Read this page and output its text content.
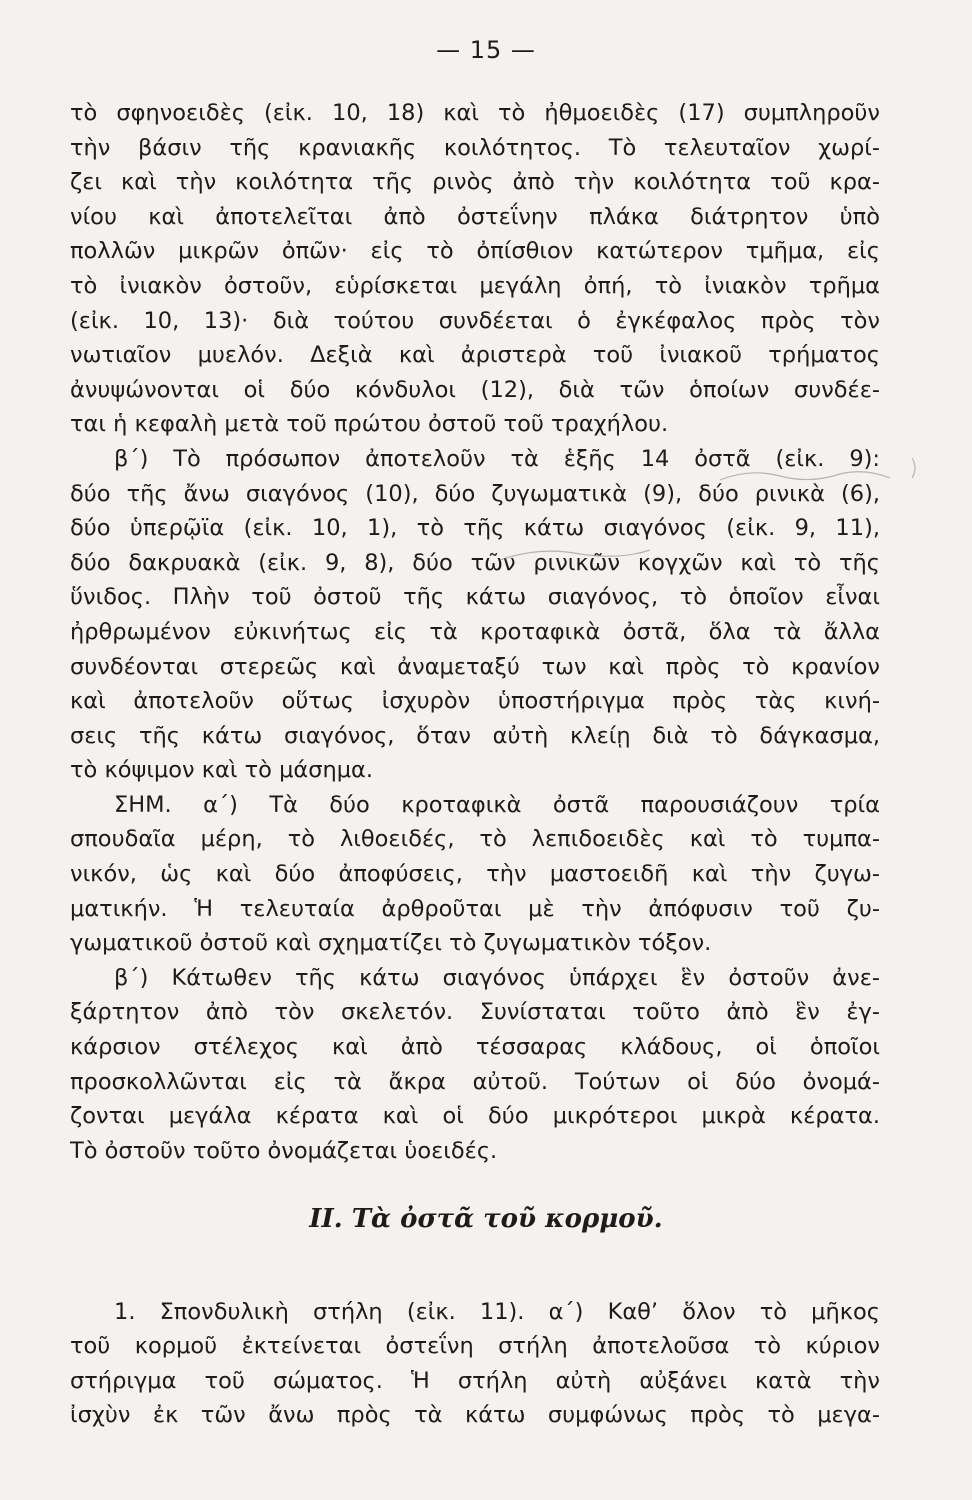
— 15 —

τὸ σφηνοειδὲς (εἰκ. 10, 18) καὶ τὸ ἠθμοειδὲς (17) συμπληροῦν
τὴν βάσιν τῆς κρανιακῆς κοιλότητος. Τὸ τελευταῖον χωρί-
ζει καὶ τὴν κοιλότητα τῆς ρινὸς ἀπὸ τὴν κοιλότητα τοῦ κρα-
νίου καὶ ἀποτελεῖται ἀπὸ ὀστεΐνην πλάκα διάτρητον ὑπὸ
πολλῶν μικρῶν ὀπῶν· εἰς τὸ ὀπίσθιον κατώτερον τμῆμα, εἰς
τὸ ἰνιακὸν ὀστοῦν, εὑρίσκεται μεγάλη ὀπή, τὸ ἰνιακὸν τρῆμα
(εἰκ. 10, 13)· διὰ τούτου συνδέεται ὁ ἐγκέφαλος πρὸς τὸν
νωτιαῖον μυελόν. Δεξιὰ καὶ ἀριστερὰ τοῦ ἰνιακοῦ τρήματος
ἀνυψώνονται οἱ δύο κόνδυλοι (12), διὰ τῶν ὁποίων συνδέε-
ται ἡ κεφαλὴ μετὰ τοῦ πρώτου ὀστοῦ τοῦ τραχήλου.

β΄) Τὸ πρόσωπον ἀποτελοῦν τὰ ἑξῆς 14 ὀστᾶ (εἰκ. 9):
δύο τῆς ἄνω σιαγόνος (10), δύο ζυγωματικὰ (9), δύο ρινικὰ (6),
δύο ὑπερῷϊα (εἰκ. 10, 1), τὸ τῆς κάτω σιαγόνος (εἰκ. 9, 11),
δύο δακρυακὰ (εἰκ. 9, 8), δύο τῶν ρινικῶν κογχῶν καὶ τὸ τῆς
ὕνιδος. Πλὴν τοῦ ὀστοῦ τῆς κάτω σιαγόνος, τὸ ὁποῖον εἶναι
ἠρθρωμένον εὐκινήτως εἰς τὰ κροταφικὰ ὀστᾶ, ὅλα τὰ ἄλλα
συνδέονται στερεῶς καὶ ἀναμεταξύ των καὶ πρὸς τὸ κρανίον
καὶ ἀποτελοῦν οὕτως ἰσχυρὸν ὑποστήριγμα πρὸς τὰς κινή-
σεις τῆς κάτω σιαγόνος, ὅταν αὐτὴ κλείῃ διὰ τὸ δάγκασμα,
τὸ κόψιμον καὶ τὸ μάσημα.

ΣΗΜ. α΄) Τὰ δύο κροταφικὰ ὀστᾶ παρουσιάζουν τρία
σπουδαῖα μέρη, τὸ λιθοειδές, τὸ λεπιδοειδὲς καὶ τὸ τυμπα-
νικόν, ὡς καὶ δύο ἀποφύσεις, τὴν μαστοειδῆ καὶ τὴν ζυγω-
ματικήν. Ἡ τελευταία ἀρθροῦται μὲ τὴν ἀπόφυσιν τοῦ ζυ-
γωματικοῦ ὀστοῦ καὶ σχηματίζει τὸ ζυγωματικὸν τόξον.

β΄) Κάτωθεν τῆς κάτω σιαγόνος ὑπάρχει ἓν ὀστοῦν ἀνε-
ξάρτητον ἀπὸ τὸν σκελετόν. Συνίσταται τοῦτο ἀπὸ ἓν ἐγ-
κάρσιον στέλεχος καὶ ἀπὸ τέσσαρας κλάδους, οἱ ὁποῖοι
προσκολλῶνται εἰς τὰ ἄκρα αὐτοῦ. Τούτων οἱ δύο ὀνομά-
ζονται μεγάλα κέρατα καὶ οἱ δύο μικρότεροι μικρὰ κέρατα.
Τὸ ὀστοῦν τοῦτο ὀνομάζεται ὑοειδές.

ΙΙ. Τὰ ὀστᾶ τοῦ κορμοῦ.

1. Σπονδυλικὴ στήλη (εἰκ. 11). α΄) Καθ’ ὅλον τὸ μῆκος
τοῦ κορμοῦ ἐκτείνεται ὀστεΐνη στήλη ἀποτελοῦσα τὸ κύριον
στήριγμα τοῦ σώματος. Ἡ στήλη αὐτὴ αὐξάνει κατὰ τὴν
ἰσχὺν ἐκ τῶν ἄνω πρὸς τὰ κάτω συμφώνως πρὸς τὸ μεγα-
